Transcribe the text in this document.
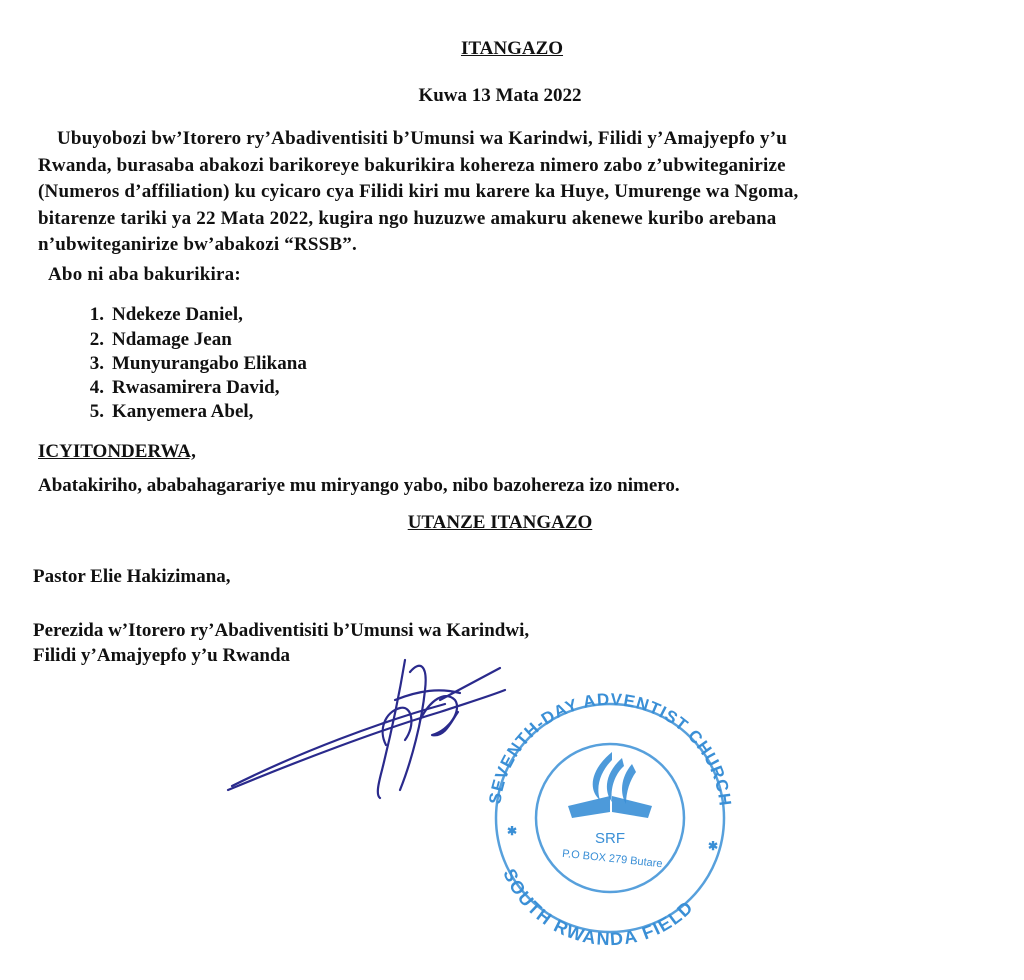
ITANGAZO
Kuwa 13 Mata 2022
Ubuyobozi bw’Itorero ry’Abadiventisiti b’Umunsi wa Karindwi, Filidi y’Amajyepfo y’u
Rwanda, burasaba abakozi barikoreye bakurikira kohereza nimero zabo z’ubwiteganirize
(Numeros d’affiliation) ku cyicaro cya Filidi kiri mu karere ka Huye, Umurenge wa Ngoma,
bitarenze tariki ya 22 Mata 2022, kugira ngo huzuzwe amakuru akenewe kuribo arebana
n’ubwiteganirize bw’abakozi “RSSB”.
Abo ni aba bakurikira:
1. Ndekeze Daniel,
2. Ndamage Jean
3. Munyurangabo Elikana
4. Rwasamirera David,
5. Kanyemera Abel,
ICYITONDERWA,
Abatakiriho, ababahagarariye mu miryango yabo, nibo bazohereza izo nimero.
UTANZE ITANGAZO
Pastor Elie Hakizimana,
Perezida w’Itorero ry’Abadiventisiti b’Umunsi wa Karindwi,
Filidi y’Amajyepfo y’u Rwanda
SEVENTH-DAY ADVENTIST CHURCH
SOUTH RWANDA FIELD
SRF
P.O BOX 279 Butare
✱
✱
